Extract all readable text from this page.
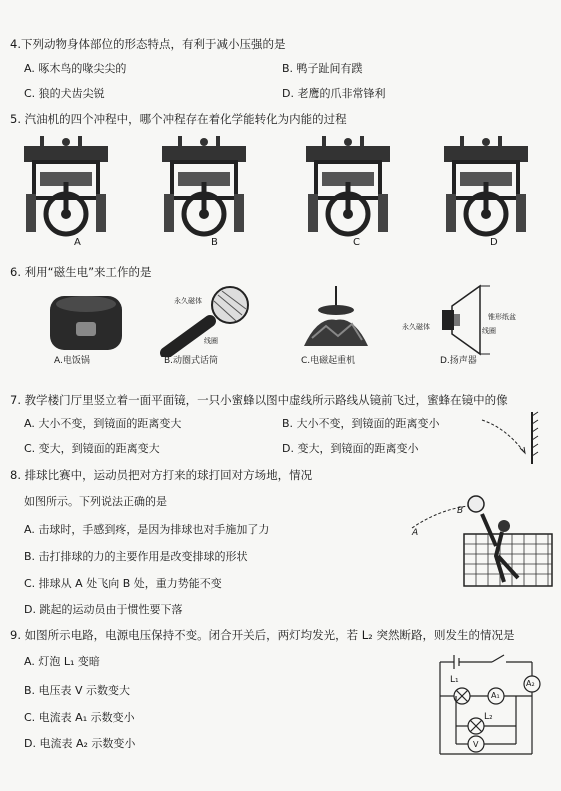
4.下列动物身体部位的形态特点，有利于减小压强的是
A. 啄木鸟的喙尖尖的	B. 鸭子趾间有蹼
C. 狼的犬齿尖锐	D. 老鹰的爪非常锋利
5. 汽油机的四个冲程中，哪个冲程存在着化学能转化为内能的过程
A	B	C	D
6. 利用“磁生电”来工作的是
A.电饭锅
永久磁体
线圈
B.动圈式话筒	C.电磁起重机
锥形纸盆
永久磁体	线圈
D.扬声器
7. 教学楼门厅里竖立着一面平面镜，一只小蜜蜂以图中虚线所示路线从镜前飞过，蜜蜂在镜中的像
A. 大小不变，到镜面的距离变大	B. 大小不变，到镜面的距离变小
C. 变大，到镜面的距离变大	D. 变大，到镜面的距离变小
8. 排球比赛中，运动员把对方打来的球打回对方场地，情况
如图所示。下列说法正确的是
A. 击球时，手感到疼，是因为排球也对手施加了力
B. 击打排球的力的主要作用是改变排球的形状
C. 排球从 A 处飞向 B 处，重力势能不变
D. 跳起的运动员由于惯性要下落
A
B
9. 如图所示电路，电源电压保持不变。闭合开关后，两灯均发光，若 L₂ 突然断路，则发生的情况是
A. 灯泡 L₁ 变暗
B. 电压表 V 示数变大
C. 电流表 A₁ 示数变小
D. 电流表 A₂ 示数变小
L₁
A₁
A₂
L₂
V
